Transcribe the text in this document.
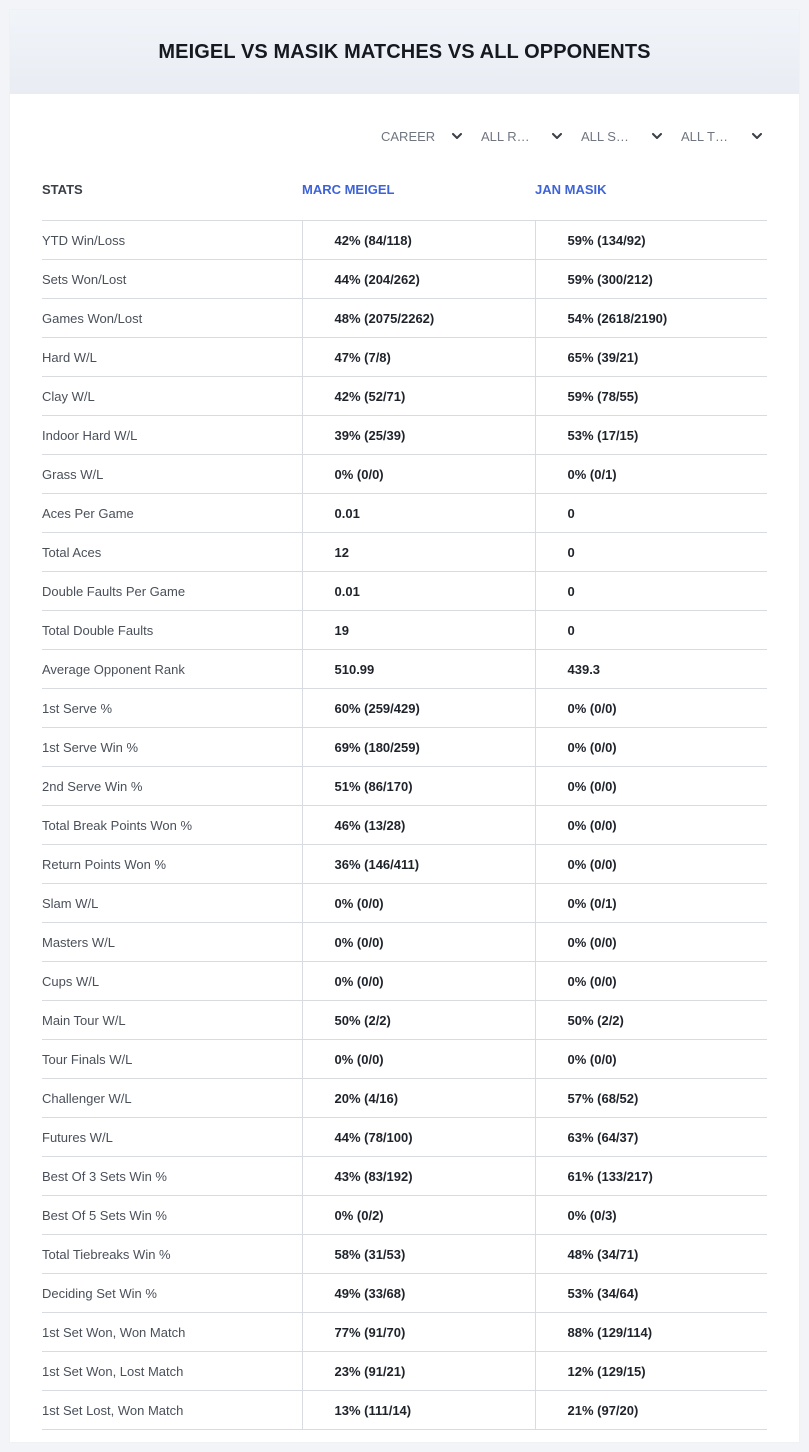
MEIGEL VS MASIK MATCHES VS ALL OPPONENTS
CAREER	ALL R…	ALL S…	ALL T…
STATS	MARC MEIGEL	JAN MASIK
YTD Win/Loss	42% (84/118)	59% (134/92)
Sets Won/Lost	44% (204/262)	59% (300/212)
Games Won/Lost	48% (2075/2262)	54% (2618/2190)
Hard W/L	47% (7/8)	65% (39/21)
Clay W/L	42% (52/71)	59% (78/55)
Indoor Hard W/L	39% (25/39)	53% (17/15)
Grass W/L	0% (0/0)	0% (0/1)
Aces Per Game	0.01	0
Total Aces	12	0
Double Faults Per Game	0.01	0
Total Double Faults	19	0
Average Opponent Rank	510.99	439.3
1st Serve %	60% (259/429)	0% (0/0)
1st Serve Win %	69% (180/259)	0% (0/0)
2nd Serve Win %	51% (86/170)	0% (0/0)
Total Break Points Won %	46% (13/28)	0% (0/0)
Return Points Won %	36% (146/411)	0% (0/0)
Slam W/L	0% (0/0)	0% (0/1)
Masters W/L	0% (0/0)	0% (0/0)
Cups W/L	0% (0/0)	0% (0/0)
Main Tour W/L	50% (2/2)	50% (2/2)
Tour Finals W/L	0% (0/0)	0% (0/0)
Challenger W/L	20% (4/16)	57% (68/52)
Futures W/L	44% (78/100)	63% (64/37)
Best Of 3 Sets Win %	43% (83/192)	61% (133/217)
Best Of 5 Sets Win %	0% (0/2)	0% (0/3)
Total Tiebreaks Win %	58% (31/53)	48% (34/71)
Deciding Set Win %	49% (33/68)	53% (34/64)
1st Set Won, Won Match	77% (91/70)	88% (129/114)
1st Set Won, Lost Match	23% (91/21)	12% (129/15)
1st Set Lost, Won Match	13% (111/14)	21% (97/20)
